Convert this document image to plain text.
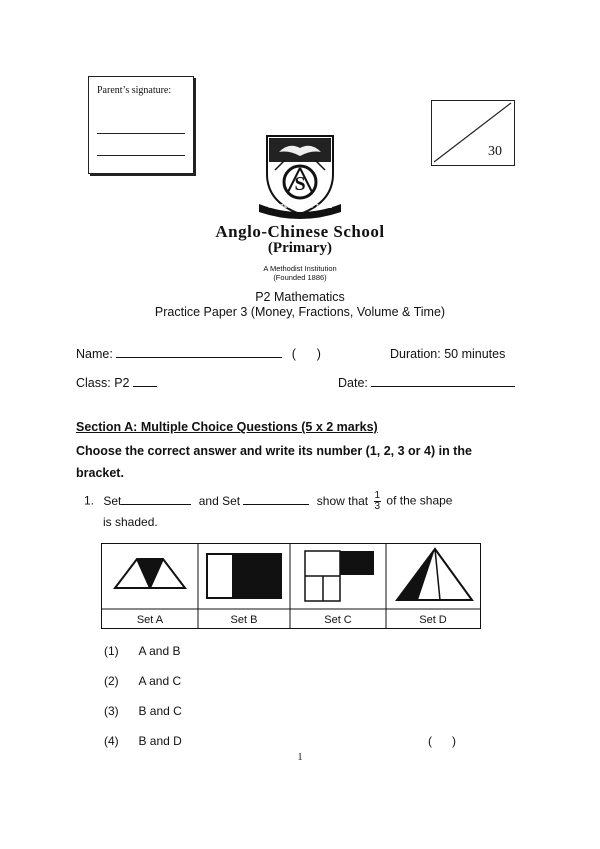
Parent’s signature:
30
S
THE BEST IS YET TO BE
Anglo-Chinese School
(Primary)
A Methodist Institution
(Founded 1886)
P2 Mathematics
Practice Paper 3 (Money, Fractions, Volume & Time)
Name:	(      )	Duration: 50 minutes
Class: P2	Date:
Section A: Multiple Choice Questions (5 x 2 marks)
Choose the correct answer and write its number (1, 2, 3 or 4) in the bracket.
1. Set	and Set	show that $\frac{1}{3}$ of the shape
is shaded.
Set A	Set B	Set C	Set D
(1) A and B
(2) A and C
(3) B and C
(4) B and D	(      )
1
